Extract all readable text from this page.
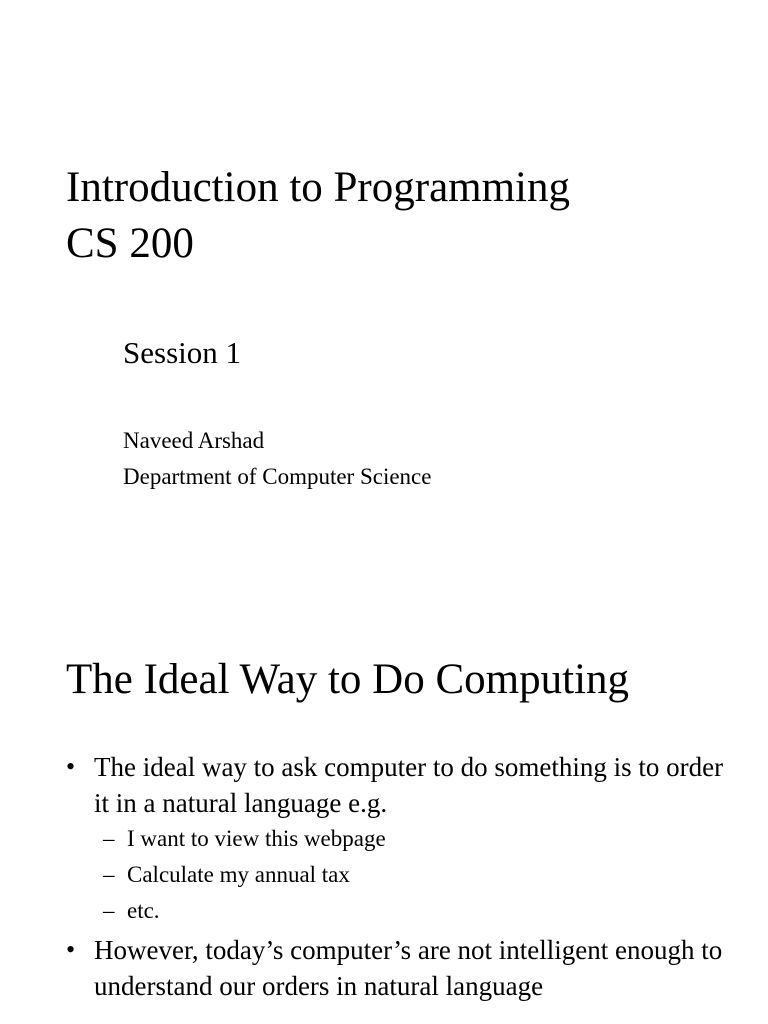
Introduction to Programming
CS 200
Session 1
Naveed Arshad
Department of Computer Science
The Ideal Way to Do Computing
• The ideal way to ask computer to do something is to order it in a natural language e.g.
– I want to view this webpage
– Calculate my annual tax
– etc.
• However, today’s computer’s are not intelligent enough to understand our orders in natural language
